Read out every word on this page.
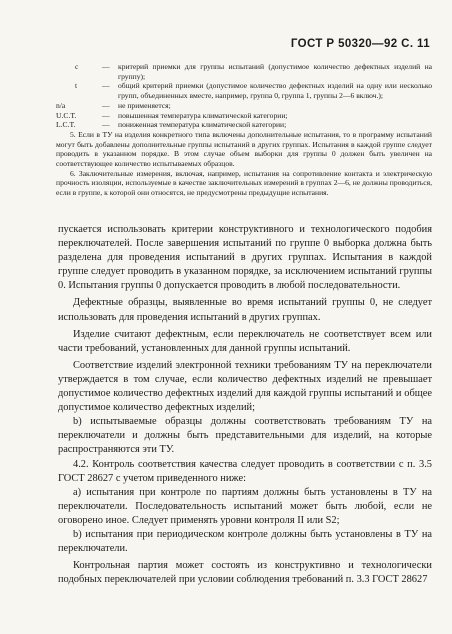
ГОСТ Р 50320—92 С. 11
c	—	критерий приемки для группы испытаний (допустимое количество дефектных изделий на группу);
t	—	общий критерий приемки (допустимое количество дефектных изделий на одну или несколько групп, объединенных вместе, например, группа 0, группа 1, группы 2—6 включ.);
n/a	—	не применяется;
U.C.T.	—	повышенная температура климатической категории;
L.C.T.	—	пониженная температура климатической категории;
5. Если в ТУ на изделия конкретного типа включены дополнительные испытания, то в программу испытаний могут быть добавлены дополнительные группы испытаний в других группах. Испытания в каждой группе следует проводить в указанном порядке. В этом случае объем выборки для группы 0 должен быть увеличен на соответствующее количество испытываемых образцов.
6. Заключительные измерения, включая, например, испытания на сопротивление контакта и электрическую прочность изоляции, используемые в качестве заключительных измерений в группах 2—6, не должны проводиться, если в группе, к которой они относятся, не предусмотрены предыдущие испытания.

пускается использовать критерии конструктивного и технологического подобия переключателей. После завершения испытаний по группе 0 выборка должна быть разделена для проведения испытаний в других группах. Испытания в каждой группе следует проводить в указанном порядке, за исключением испытаний группы 0. Испытания группы 0 допускается проводить в любой последовательности.

Дефектные образцы, выявленные во время испытаний группы 0, не следует использовать для проведения испытаний в других группах.

Изделие считают дефектным, если переключатель не соответствует всем или части требований, установленных для данной группы испытаний.

Соответствие изделий электронной техники требованиям ТУ на переключатели утверждается в том случае, если количество дефектных изделий не превышает допустимое количество дефектных изделий для каждой группы испытаний и общее допустимое количество дефектных изделий;

b) испытываемые образцы должны соответствовать требованиям ТУ на переключатели и должны быть представительными для изделий, на которые распространяются эти ТУ.

4.2. Контроль соответствия качества следует проводить в соответствии с п. 3.5 ГОСТ 28627 с учетом приведенного ниже:

а) испытания при контроле по партиям должны быть установлены в ТУ на переключатели. Последовательность испытаний может быть любой, если не оговорено иное. Следует применять уровни контроля II или S2;

b) испытания при периодическом контроле должны быть установлены в ТУ на переключатели.

Контрольная партия может состоять из конструктивно и технологически подобных переключателей при условии соблюдения требований п. 3.3 ГОСТ 28627
